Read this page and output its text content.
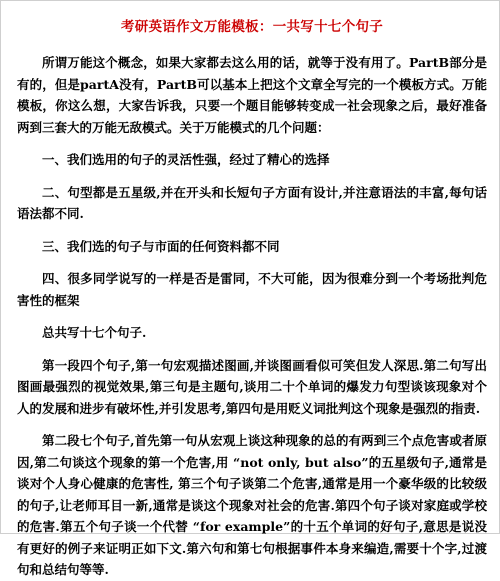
考研英语作文万能模板：一共写十七个句子

所谓万能这个概念，如果大家都去这么用的话，就等于没有用了。PartB部分是有的，但是partA没有，PartB可以基本上把这个文章全写完的一个模板方式。万能模板，你这么想，大家告诉我，只要一个题目能够转变成一社会现象之后，最好准备两到三套大的万能无敌模式。关于万能模式的几个问题：

一、我们选用的句子的灵活性强，经过了精心的选择

二、句型都是五星级,并在开头和长短句子方面有设计,并注意语法的丰富,每句话语法都不同.

三、我们选的句子与市面的任何资料都不同

四、很多同学说写的一样是否是雷同，不大可能，因为很难分到一个考场批判危害性的框架

总共写十七个句子.

第一段四个句子,第一句宏观描述图画,并谈图画看似可笑但发人深思.第二句写出图画最强烈的视觉效果,第三句是主题句,谈用二十个单词的爆发力句型谈该现象对个人的发展和进步有破坏性,并引发思考,第四句是用贬义词批判这个现象是强烈的指责.

第二段七个句子,首先第一句从宏观上谈这种现象的总的有两到三个点危害或者原因,第二句谈这个现象的第一个危害,用 “not only, but also”的五星级句子,通常是谈对个人身心健康的危害性, 第三个句子谈第二个危害,通常是用一个豪华级的比较级的句子,让老师耳目一新,通常是谈这个现象对社会的危害.第四个句子谈对家庭或学校的危害.第五个句子谈一个代替 “for example”的十五个单词的好句子,意思是说没有更好的例子来证明正如下文.第六句和第七句根据事件本身来编造,需要十个字,过渡句和总结句等等.
